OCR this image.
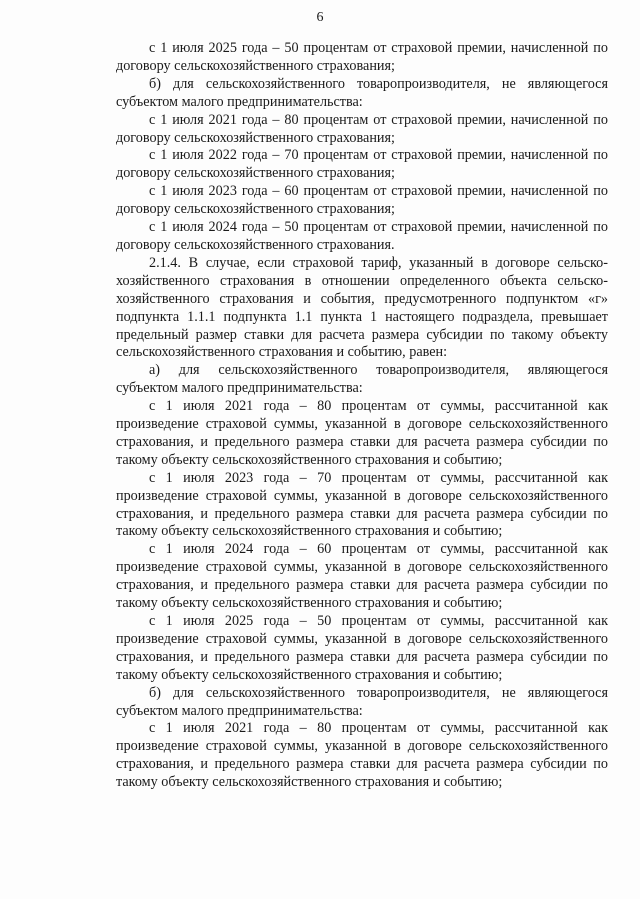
6

с 1 июля 2025 года – 50 процентам от страховой премии, начисленной по договору сельскохозяйственного страхования;

б) для сельскохозяйственного товаропроизводителя, не являющегося субъектом малого предпринимательства:

с 1 июля 2021 года – 80 процентам от страховой премии, начисленной по договору сельскохозяйственного страхования;

с 1 июля 2022 года – 70 процентам от страховой премии, начисленной по договору сельскохозяйственного страхования;

с 1 июля 2023 года – 60 процентам от страховой премии, начисленной по договору сельскохозяйственного страхования;

с 1 июля 2024 года – 50 процентам от страховой премии, начисленной по договору сельскохозяйственного страхования.

2.1.4. В случае, если страховой тариф, указанный в договоре сельскохозяйственного страхования в отношении определенного объекта сельскохозяйственного страхования и события, предусмотренного подпунктом «г» подпункта 1.1.1 подпункта 1.1 пункта 1 настоящего подраздела, превышает предельный размер ставки для расчета размера субсидии по такому объекту сельскохозяйственного страхования и событию, равен:

а) для сельскохозяйственного товаропроизводителя, являющегося субъектом малого предпринимательства:

с 1 июля 2021 года – 80 процентам от суммы, рассчитанной как произведение страховой суммы, указанной в договоре сельскохозяйственного страхования, и предельного размера ставки для расчета размера субсидии по такому объекту сельскохозяйственного страхования и событию;

с 1 июля 2023 года – 70 процентам от суммы, рассчитанной как произведение страховой суммы, указанной в договоре сельскохозяйственного страхования, и предельного размера ставки для расчета размера субсидии по такому объекту сельскохозяйственного страхования и событию;

с 1 июля 2024 года – 60 процентам от суммы, рассчитанной как произведение страховой суммы, указанной в договоре сельскохозяйственного страхования, и предельного размера ставки для расчета размера субсидии по такому объекту сельскохозяйственного страхования и событию;

с 1 июля 2025 года – 50 процентам от суммы, рассчитанной как произведение страховой суммы, указанной в договоре сельскохозяйственного страхования, и предельного размера ставки для расчета размера субсидии по такому объекту сельскохозяйственного страхования и событию;

б) для сельскохозяйственного товаропроизводителя, не являющегося субъектом малого предпринимательства:

с 1 июля 2021 года – 80 процентам от суммы, рассчитанной как произведение страховой суммы, указанной в договоре сельскохозяйственного страхования, и предельного размера ставки для расчета размера субсидии по такому объекту сельскохозяйственного страхования и событию;
